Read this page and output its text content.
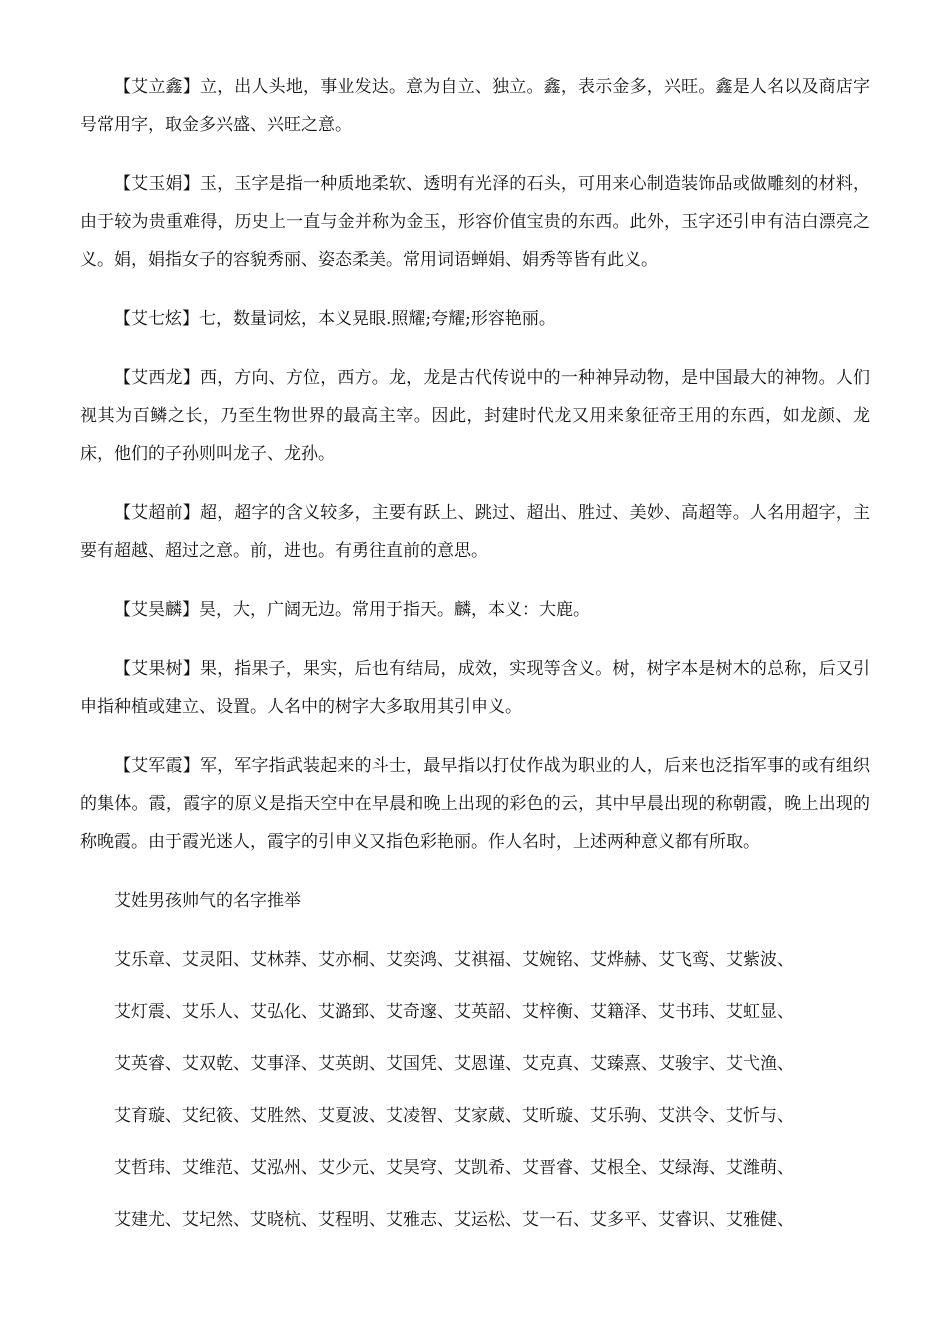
【艾立鑫】立，出人头地，事业发达。意为自立、独立。鑫，表示金多，兴旺。鑫是人名以及商店字号常用字，取金多兴盛、兴旺之意。

【艾玉娟】玉，玉字是指一种质地柔软、透明有光泽的石头，可用来心制造装饰品或做雕刻的材料，由于较为贵重难得，历史上一直与金并称为金玉，形容价值宝贵的东西。此外，玉字还引申有洁白漂亮之义。娟，娟指女子的容貌秀丽、姿态柔美。常用词语蝉娟、娟秀等皆有此义。

【艾七炫】七，数量词炫，本义晃眼.照耀;夸耀;形容艳丽。

【艾西龙】西，方向、方位，西方。龙，龙是古代传说中的一种神异动物，是中国最大的神物。人们视其为百鳞之长，乃至生物世界的最高主宰。因此，封建时代龙又用来象征帝王用的东西，如龙颜、龙床，他们的子孙则叫龙子、龙孙。

【艾超前】超，超字的含义较多，主要有跃上、跳过、超出、胜过、美妙、高超等。人名用超字，主要有超越、超过之意。前，进也。有勇往直前的意思。

【艾昊麟】昊，大，广阔无边。常用于指天。麟，本义：大鹿。

【艾果树】果，指果子，果实，后也有结局，成效，实现等含义。树，树字本是树木的总称，后又引申指种植或建立、设置。人名中的树字大多取用其引申义。

【艾军霞】军，军字指武装起来的斗士，最早指以打仗作战为职业的人，后来也泛指军事的或有组织的集体。霞，霞字的原义是指天空中在早晨和晚上出现的彩色的云，其中早晨出现的称朝霞，晚上出现的称晚霞。由于霞光迷人，霞字的引申义又指色彩艳丽。作人名时，上述两种意义都有所取。

艾姓男孩帅气的名字推举

艾乐章、艾灵阳、艾林莽、艾亦桐、艾奕鸿、艾祺福、艾婉铭、艾烨赫、艾飞鸾、艾紫波、
艾灯震、艾乐人、艾弘化、艾潞郅、艾奇邃、艾英韶、艾梓衡、艾籍泽、艾书玮、艾虹显、
艾英睿、艾双乾、艾事泽、艾英朗、艾国凭、艾恩谨、艾克真、艾臻熹、艾骏宇、艾弋渔、
艾育璇、艾纪筱、艾胜然、艾夏波、艾凌智、艾家葳、艾昕璇、艾乐驹、艾洪令、艾忻与、
艾哲玮、艾维范、艾泓州、艾少元、艾昊穹、艾凯希、艾晋睿、艾根全、艾绿海、艾潍萌、
艾建尤、艾圮然、艾晓杭、艾程明、艾雅志、艾运松、艾一石、艾多平、艾睿识、艾雅健、
